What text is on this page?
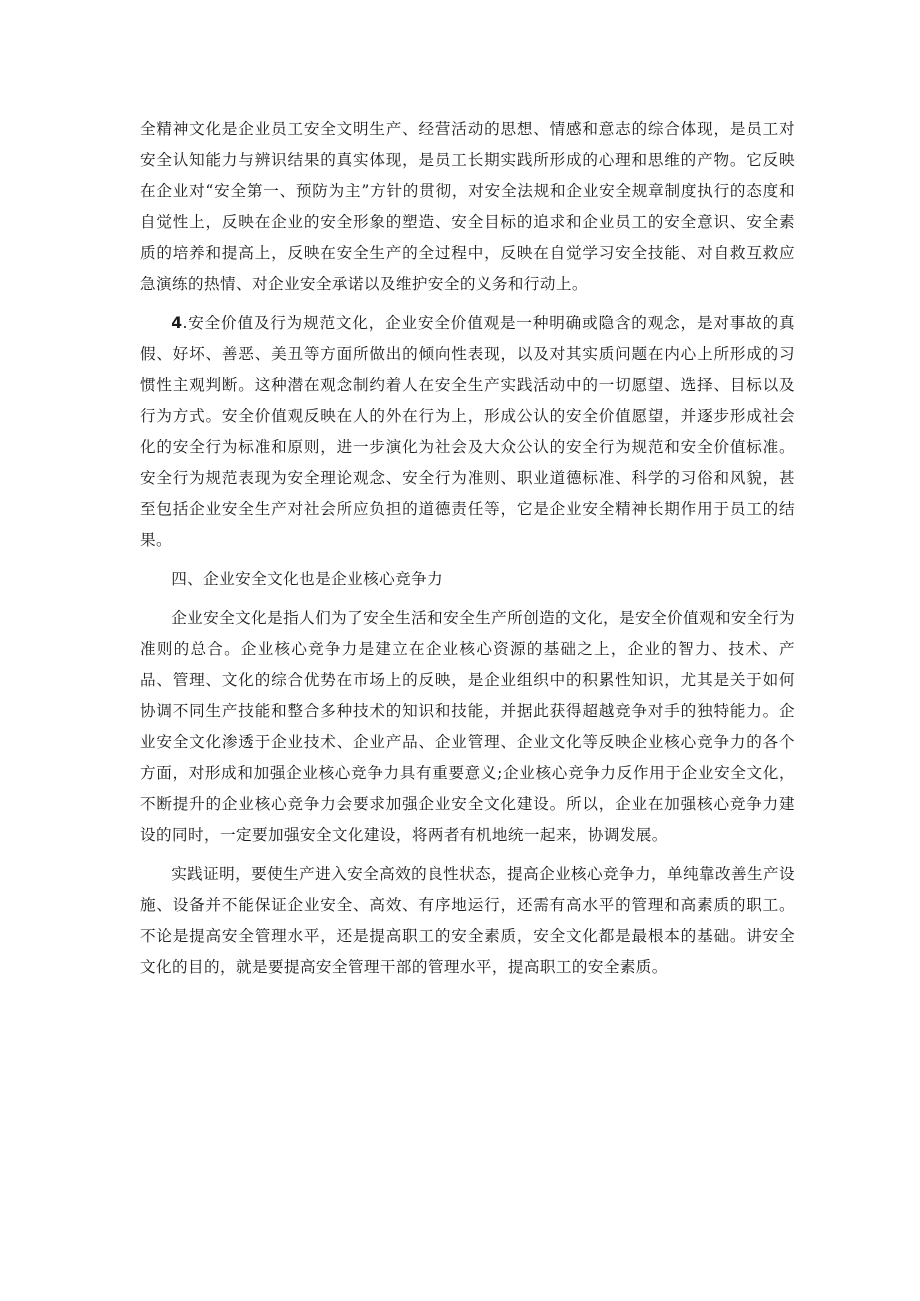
全精神文化是企业员工安全文明生产、经营活动的思想、情感和意志的综合体现，是员工对安全认知能力与辨识结果的真实体现，是员工长期实践所形成的心理和思维的产物。它反映在企业对“安全第一、预防为主”方针的贯彻，对安全法规和企业安全规章制度执行的态度和自觉性上，反映在企业的安全形象的塑造、安全目标的追求和企业员工的安全意识、安全素质的培养和提高上，反映在安全生产的全过程中，反映在自觉学习安全技能、对自救互救应急演练的热情、对企业安全承诺以及维护安全的义务和行动上。

4.安全价值及行为规范文化，企业安全价值观是一种明确或隐含的观念，是对事故的真假、好坏、善恶、美丑等方面所做出的倾向性表现，以及对其实质问题在内心上所形成的习惯性主观判断。这种潜在观念制约着人在安全生产实践活动中的一切愿望、选择、目标以及行为方式。安全价值观反映在人的外在行为上，形成公认的安全价值愿望，并逐步形成社会化的安全行为标准和原则，进一步演化为社会及大众公认的安全行为规范和安全价值标准。安全行为规范表现为安全理论观念、安全行为准则、职业道德标准、科学的习俗和风貌，甚至包括企业安全生产对社会所应负担的道德责任等，它是企业安全精神长期作用于员工的结果。

四、企业安全文化也是企业核心竞争力

企业安全文化是指人们为了安全生活和安全生产所创造的文化，是安全价值观和安全行为准则的总合。企业核心竞争力是建立在企业核心资源的基础之上，企业的智力、技术、产品、管理、文化的综合优势在市场上的反映，是企业组织中的积累性知识，尤其是关于如何协调不同生产技能和整合多种技术的知识和技能，并据此获得超越竞争对手的独特能力。企业安全文化渗透于企业技术、企业产品、企业管理、企业文化等反映企业核心竞争力的各个方面，对形成和加强企业核心竞争力具有重要意义;企业核心竞争力反作用于企业安全文化，不断提升的企业核心竞争力会要求加强企业安全文化建设。所以，企业在加强核心竞争力建设的同时，一定要加强安全文化建设，将两者有机地统一起来，协调发展。

实践证明，要使生产进入安全高效的良性状态，提高企业核心竞争力，单纯靠改善生产设施、设备并不能保证企业安全、高效、有序地运行，还需有高水平的管理和高素质的职工。不论是提高安全管理水平，还是提高职工的安全素质，安全文化都是最根本的基础。讲安全文化的目的，就是要提高安全管理干部的管理水平，提高职工的安全素质。
